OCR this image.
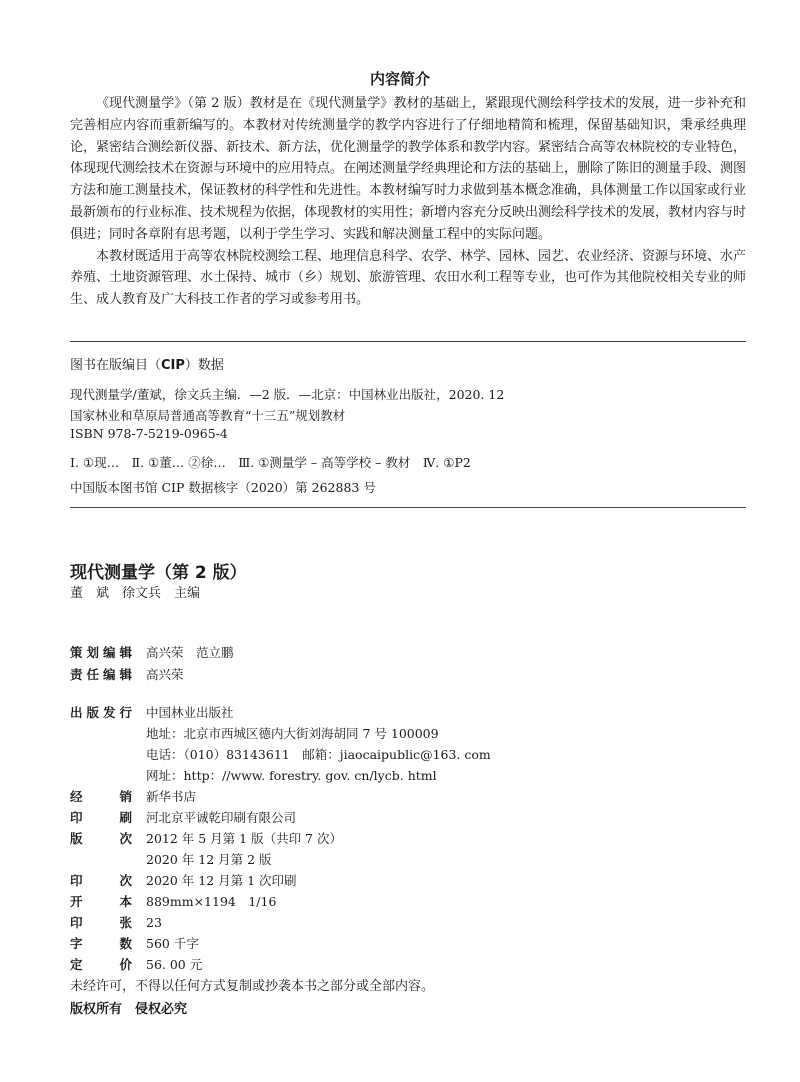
内容简介

《现代测量学》（第 2 版）教材是在《现代测量学》教材的基础上，紧跟现代测绘科学技术的发展，进一步补充和完善相应内容而重新编写的。本教材对传统测量学的教学内容进行了仔细地精简和梳理，保留基础知识，秉承经典理论，紧密结合测绘新仪器、新技术、新方法，优化测量学的教学体系和教学内容。紧密结合高等农林院校的专业特色，体现现代测绘技术在资源与环境中的应用特点。在阐述测量学经典理论和方法的基础上，删除了陈旧的测量手段、测图方法和施工测量技术，保证教材的科学性和先进性。本教材编写时力求做到基本概念准确，具体测量工作以国家或行业最新颁布的行业标准、技术规程为依据，体现教材的实用性；新增内容充分反映出测绘科学技术的发展，教材内容与时俱进；同时各章附有思考题，以利于学生学习、实践和解决测量工程中的实际问题。

本教材既适用于高等农林院校测绘工程、地理信息科学、农学、林学、园林、园艺、农业经济、资源与环境、水产养殖、土地资源管理、水土保持、城市（乡）规划、旅游管理、农田水利工程等专业，也可作为其他院校相关专业的师生、成人教育及广大科技工作者的学习或参考用书。

图书在版编目（CIP）数据
现代测量学/董斌，徐文兵主编．—2 版．—北京：中国林业出版社，2020. 12
国家林业和草原局普通高等教育“十三五”规划教材
ISBN 978-7-5219-0965-4
Ⅰ. ①现…　Ⅱ. ①董… ②徐…　Ⅲ. ①测量学 – 高等学校 – 教材　Ⅳ. ①P2
中国版本图书馆 CIP 数据核字（2020）第 262883 号
现代测量学（第 2 版）
董　斌　徐文兵　主编
策划编辑 高兴荣　范立鹏
责任编辑 高兴荣
出版发行 中国林业出版社
地址：北京市西城区德内大街刘海胡同 7 号 100009
电话：（010）83143611　邮箱：jiaocaipublic@163. com
网址：http：//www. forestry. gov. cn/lycb. html
经销 新华书店
印刷 河北京平诚乾印刷有限公司
版次 2012 年 5 月第 1 版（共印 7 次）
2020 年 12 月第 2 版
印次 2020 年 12 月第 1 次印刷
开本 889mm×1194　1/16
印张 23
字数 560 千字
定价 56. 00 元
未经许可，不得以任何方式复制或抄袭本书之部分或全部内容。
版权所有　侵权必究
